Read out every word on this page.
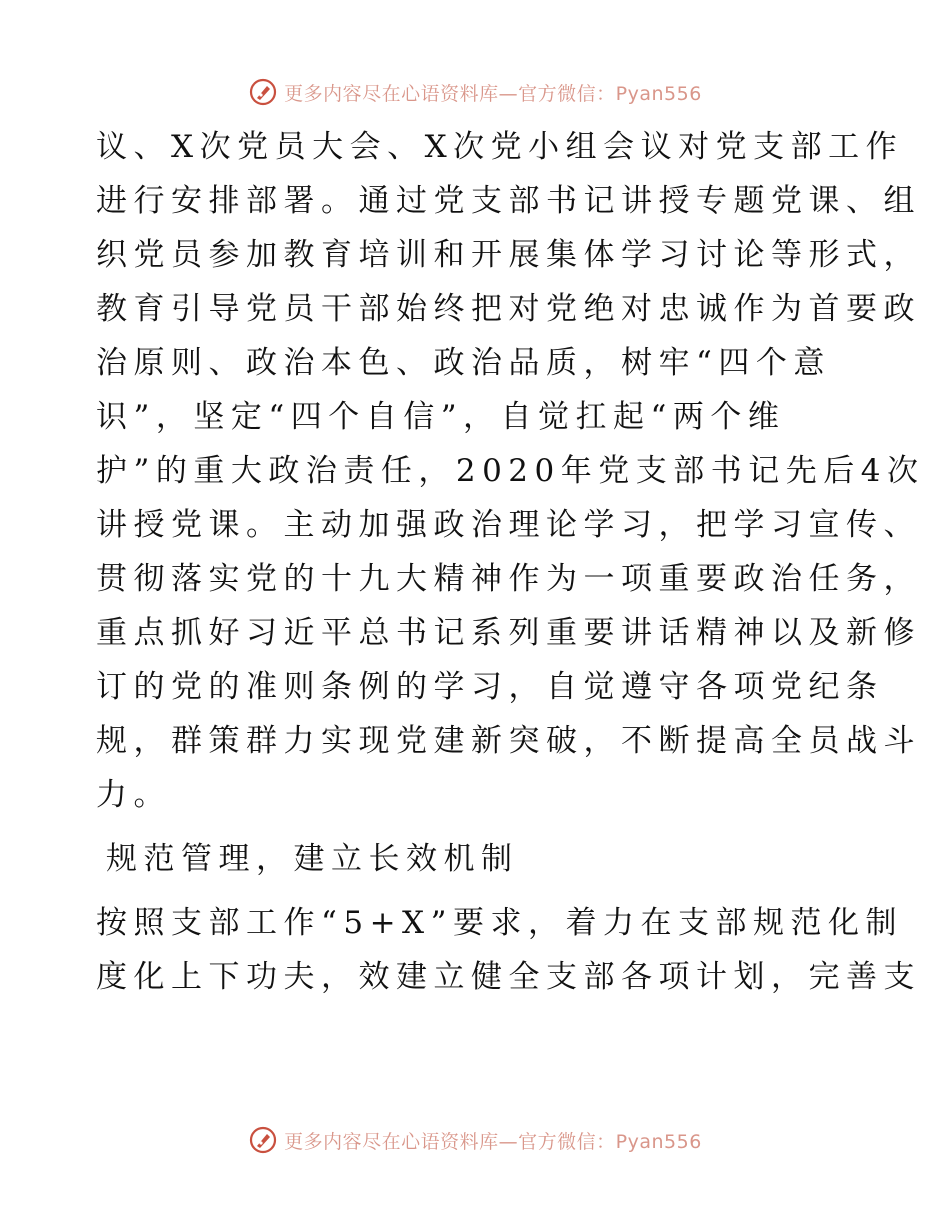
更多内容尽在心语资料库—官方微信：Pyan556
议、X次党员大会、X次党小组会议对党支部工作
进行安排部署。通过党支部书记讲授专题党课、组
织党员参加教育培训和开展集体学习讨论等形式，
教育引导党员干部始终把对党绝对忠诚作为首要政
治原则、政治本色、政治品质，树牢“四个意
识”，坚定“四个自信”，自觉扛起“两个维
护”的重大政治责任，2020年党支部书记先后4次
讲授党课。主动加强政治理论学习，把学习宣传、
贯彻落实党的十九大精神作为一项重要政治任务，
重点抓好习近平总书记系列重要讲话精神以及新修
订的党的准则条例的学习，自觉遵守各项党纪条
规，群策群力实现党建新突破，不断提高全员战斗
力。
规范管理，建立长效机制
按照支部工作“5+X”要求，着力在支部规范化制
度化上下功夫，效建立健全支部各项计划，完善支
更多内容尽在心语资料库—官方微信：Pyan556
